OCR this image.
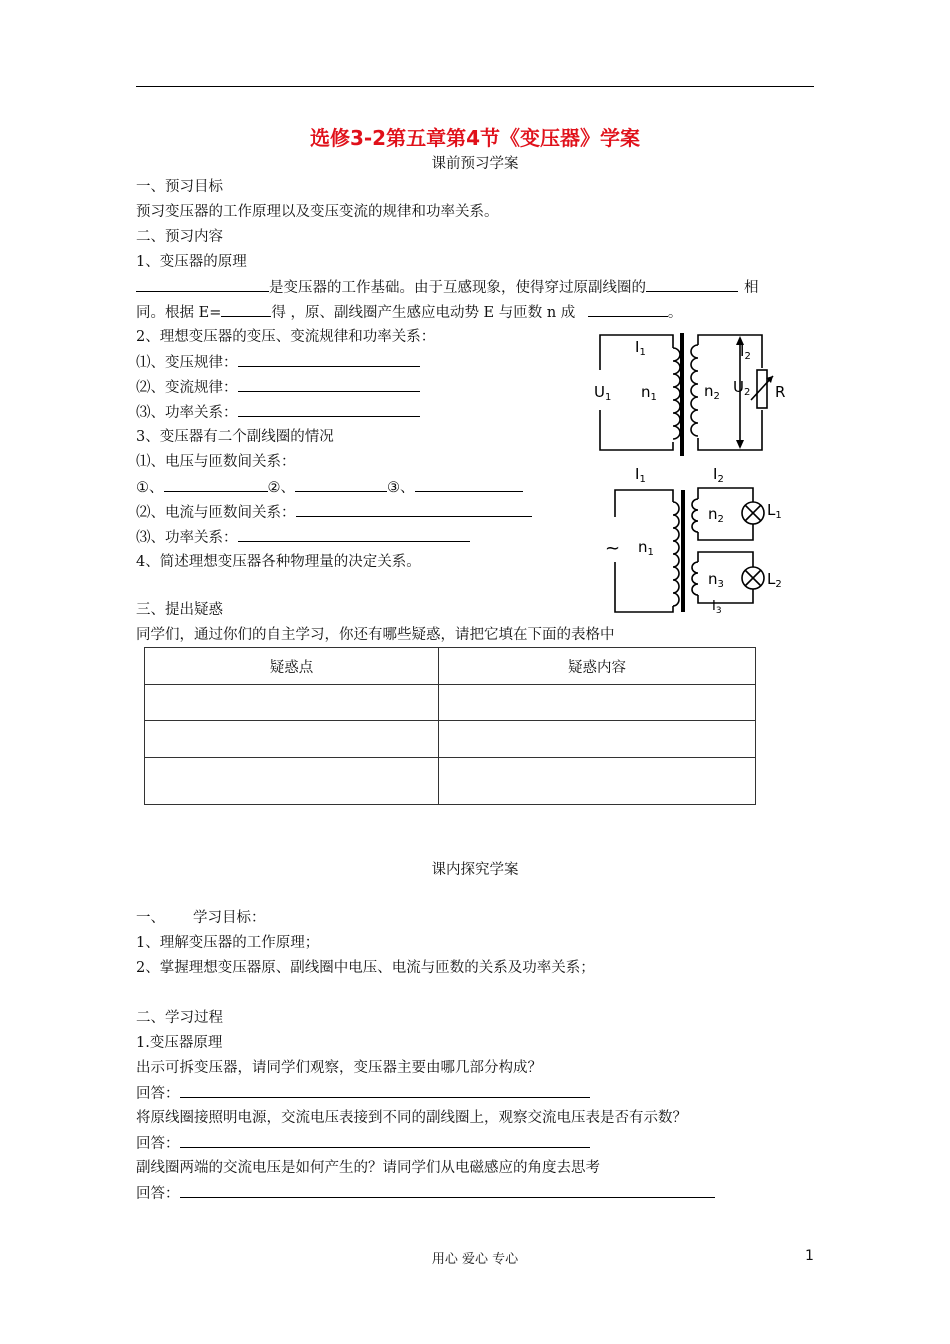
选修3-2第五章第4节《变压器》学案
课前预习学案
一、预习目标
预习变压器的工作原理以及变压变流的规律和功率关系。
二、预习内容
1、变压器的原理
是变压器的工作基础。由于互感现象，使得穿过原副线圈的	相
同。根据 E=	得 ，原、副线圈产生感应电动势 E 与匝数 n 成	。
2、理想变压器的变压、变流规律和功率关系：
⑴、变压规律：
⑵、变流规律：
⑶、功率关系：
3、变压器有二个副线圈的情况
⑴、电压与匝数间关系：
①、	②、	③、
⑵、电流与匝数间关系：
⑶、功率关系：
4、简述理想变压器各种物理量的决定关系。
三、提出疑惑
同学们，通过你们的自主学习，你还有哪些疑惑，请把它填在下面的表格中
$I_1$	$I_2$
$U_1$ $n_1$	$n_2$
$U_2$ R
$I_1$	$I_2$
~ $n_1$
$n_2$
$n_3$
$L_1$
$L_2$
$I_3$
疑惑点	疑惑内容

课内探究学案
一、 学习目标：
1、理解变压器的工作原理；
2、掌握理想变压器原、副线圈中电压、电流与匝数的关系及功率关系；
二、学习过程
1.变压器原理
出示可拆变压器，请同学们观察，变压器主要由哪几部分构成？
回答：
将原线圈接照明电源，交流电压表接到不同的副线圈上，观察交流电压表是否有示数？
回答：
副线圈两端的交流电压是如何产生的？请同学们从电磁感应的角度去思考
回答：
用心 爱心 专心	1
